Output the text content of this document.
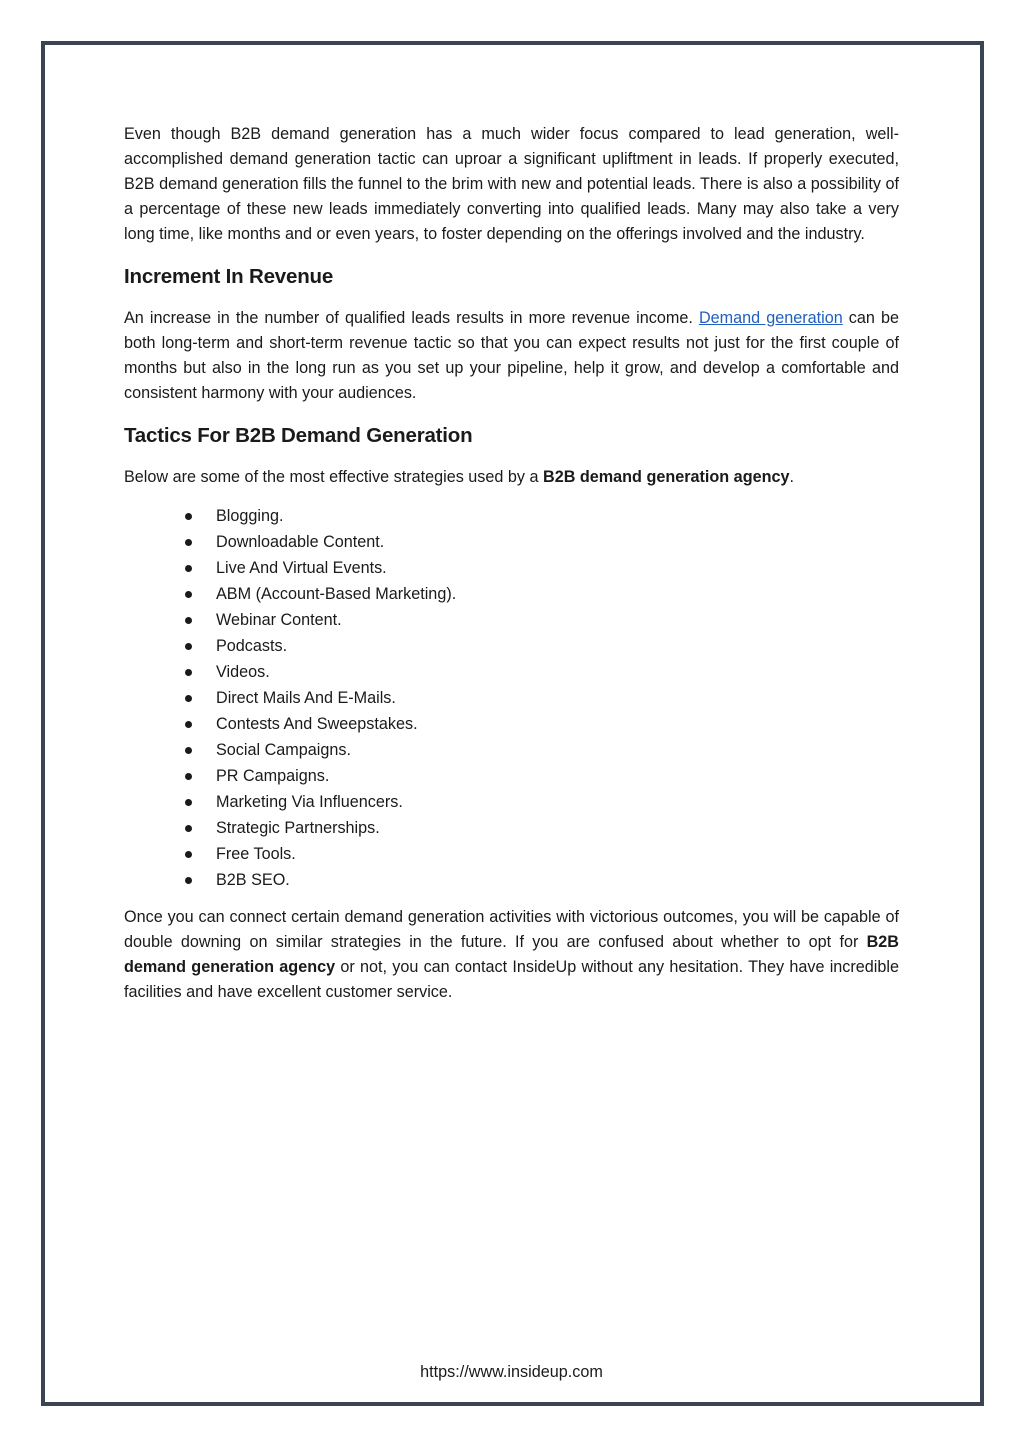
Even though B2B demand generation has a much wider focus compared to lead generation, well-accomplished demand generation tactic can uproar a significant upliftment in leads. If properly executed, B2B demand generation fills the funnel to the brim with new and potential leads. There is also a possibility of a percentage of these new leads immediately converting into qualified leads. Many may also take a very long time, like months and or even years, to foster depending on the offerings involved and the industry.

Increment In Revenue

An increase in the number of qualified leads results in more revenue income. Demand generation can be both long-term and short-term revenue tactic so that you can expect results not just for the first couple of months but also in the long run as you set up your pipeline, help it grow, and develop a comfortable and consistent harmony with your audiences.

Tactics For B2B Demand Generation

Below are some of the most effective strategies used by a B2B demand generation agency.

Blogging.
Downloadable Content.
Live And Virtual Events.
ABM (Account-Based Marketing).
Webinar Content.
Podcasts.
Videos.
Direct Mails And E-Mails.
Contests And Sweepstakes.
Social Campaigns.
PR Campaigns.
Marketing Via Influencers.
Strategic Partnerships.
Free Tools.
B2B SEO.

Once you can connect certain demand generation activities with victorious outcomes, you will be capable of double downing on similar strategies in the future. If you are confused about whether to opt for B2B demand generation agency or not, you can contact InsideUp without any hesitation. They have incredible facilities and have excellent customer service.

https://www.insideup.com
